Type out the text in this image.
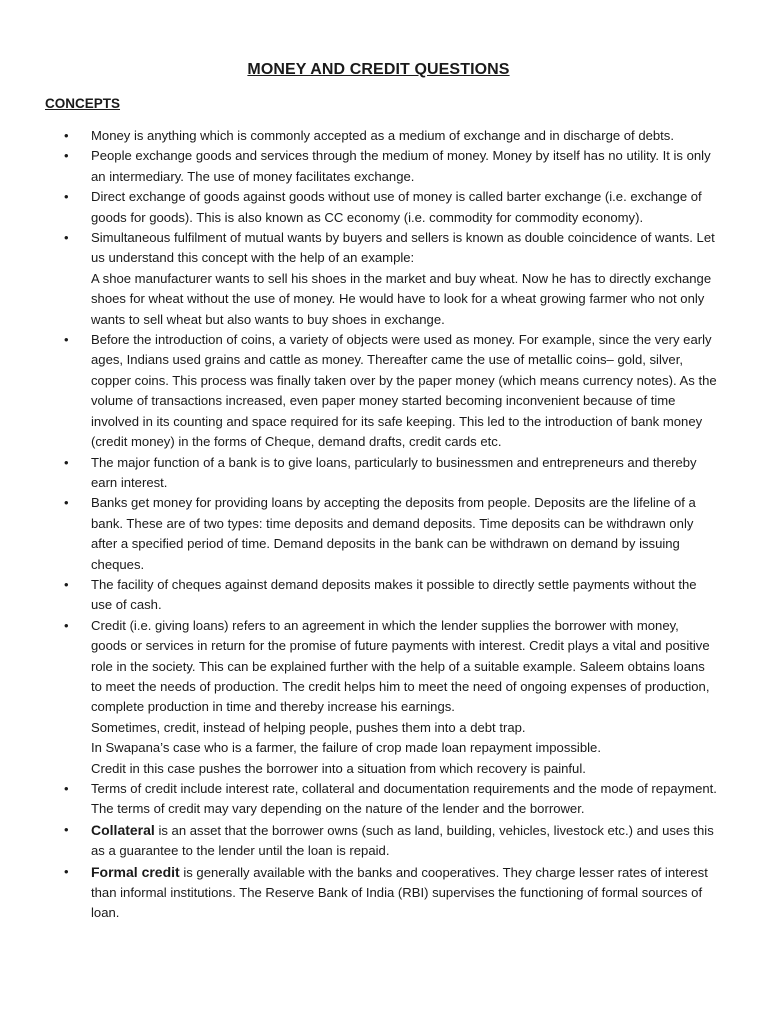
MONEY AND CREDIT QUESTIONS
CONCEPTS
• Money is anything which is commonly accepted as a medium of exchange and in discharge of debts.

• People exchange goods and services through the medium of money. Money by itself has no utility. It is only an intermediary. The use of money facilitates exchange.

• Direct exchange of goods against goods without use of money is called barter exchange (i.e. exchange of goods for goods). This is also known as CC economy (i.e. commodity for commodity economy).

• Simultaneous fulfilment of mutual wants by buyers and sellers is known as double coincidence of wants. Let us understand this concept with the help of an example:

A shoe manufacturer wants to sell his shoes in the market and buy wheat. Now he has to directly exchange shoes for wheat without the use of money. He would have to look for a wheat growing farmer who not only wants to sell wheat but also wants to buy shoes in exchange.

• Before the introduction of coins, a variety of objects were used as money. For example, since the very early ages, Indians used grains and cattle as money. Thereafter came the use of metallic coins– gold, silver, copper coins. This process was finally taken over by the paper money (which means currency notes). As the volume of transactions increased, even paper money started becoming inconvenient because of time involved in its counting and space required for its safe keeping. This led to the introduction of bank money (credit money) in the forms of Cheque, demand drafts, credit cards etc.

• The major function of a bank is to give loans, particularly to businessmen and entrepreneurs and thereby earn interest.

• Banks get money for providing loans by accepting the deposits from people. Deposits are the lifeline of a bank. These are of two types: time deposits and demand deposits. Time deposits can be withdrawn only after a specified period of time. Demand deposits in the bank can be withdrawn on demand by issuing cheques.

• The facility of cheques against demand deposits makes it possible to directly settle payments without the use of cash.

• Credit (i.e. giving loans) refers to an agreement in which the lender supplies the borrower with money, goods or services in return for the promise of future payments with interest. Credit plays a vital and positive role in the society. This can be explained further with the help of a suitable example. Saleem obtains loans to meet the needs of production. The credit helps him to meet the need of ongoing expenses of production, complete production in time and thereby increase his earnings.

Sometimes, credit, instead of helping people, pushes them into a debt trap.

In Swapana’s case who is a farmer, the failure of crop made loan repayment impossible.

Credit in this case pushes the borrower into a situation from which recovery is painful.

• Terms of credit include interest rate, collateral and documentation requirements and the mode of repayment. The terms of credit may vary depending on the nature of the lender and the borrower.

• Collateral is an asset that the borrower owns (such as land, building, vehicles, livestock etc.) and uses this as a guarantee to the lender until the loan is repaid.

• Formal credit is generally available with the banks and cooperatives. They charge lesser rates of interest than informal institutions. The Reserve Bank of India (RBI) supervises the functioning of formal sources of loan.
